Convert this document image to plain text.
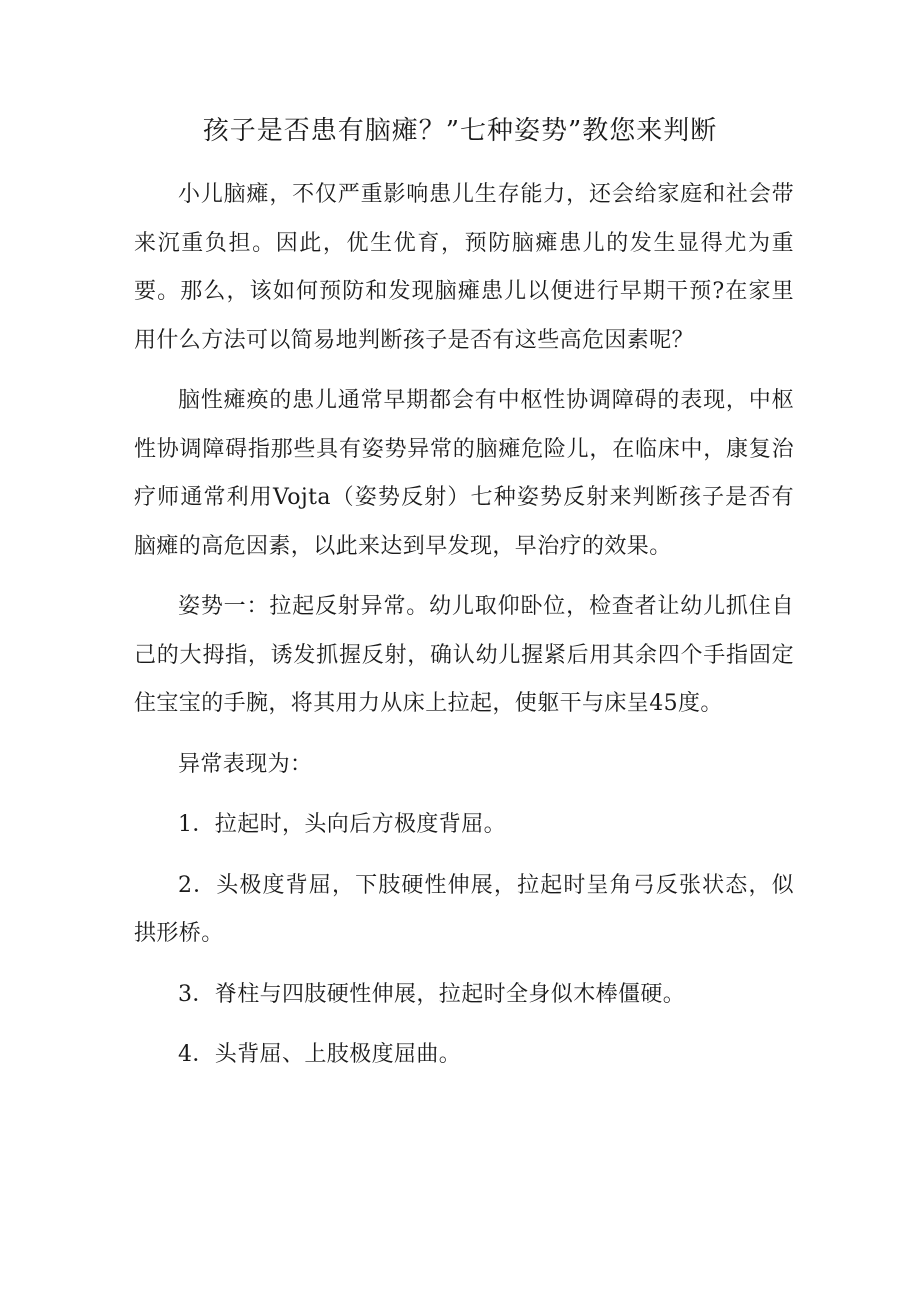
孩子是否患有脑瘫？”七种姿势”教您来判断

小儿脑瘫，不仅严重影响患儿生存能力，还会给家庭和社会带来沉重负担。因此，优生优育，预防脑瘫患儿的发生显得尤为重要。那么，该如何预防和发现脑瘫患儿以便进行早期干预?在家里用什么方法可以简易地判断孩子是否有这些高危因素呢？

脑性瘫痪的患儿通常早期都会有中枢性协调障碍的表现，中枢性协调障碍指那些具有姿势异常的脑瘫危险儿，在临床中，康复治疗师通常利用Vojta（姿势反射）七种姿势反射来判断孩子是否有脑瘫的高危因素，以此来达到早发现，早治疗的效果。

姿势一：拉起反射异常。幼儿取仰卧位，检查者让幼儿抓住自己的大拇指，诱发抓握反射，确认幼儿握紧后用其余四个手指固定住宝宝的手腕，将其用力从床上拉起，使躯干与床呈45度。

异常表现为：

1．拉起时，头向后方极度背屈。

2．头极度背屈，下肢硬性伸展，拉起时呈角弓反张状态，似拱形桥。

3．脊柱与四肢硬性伸展，拉起时全身似木棒僵硬。

4．头背屈、上肢极度屈曲。
